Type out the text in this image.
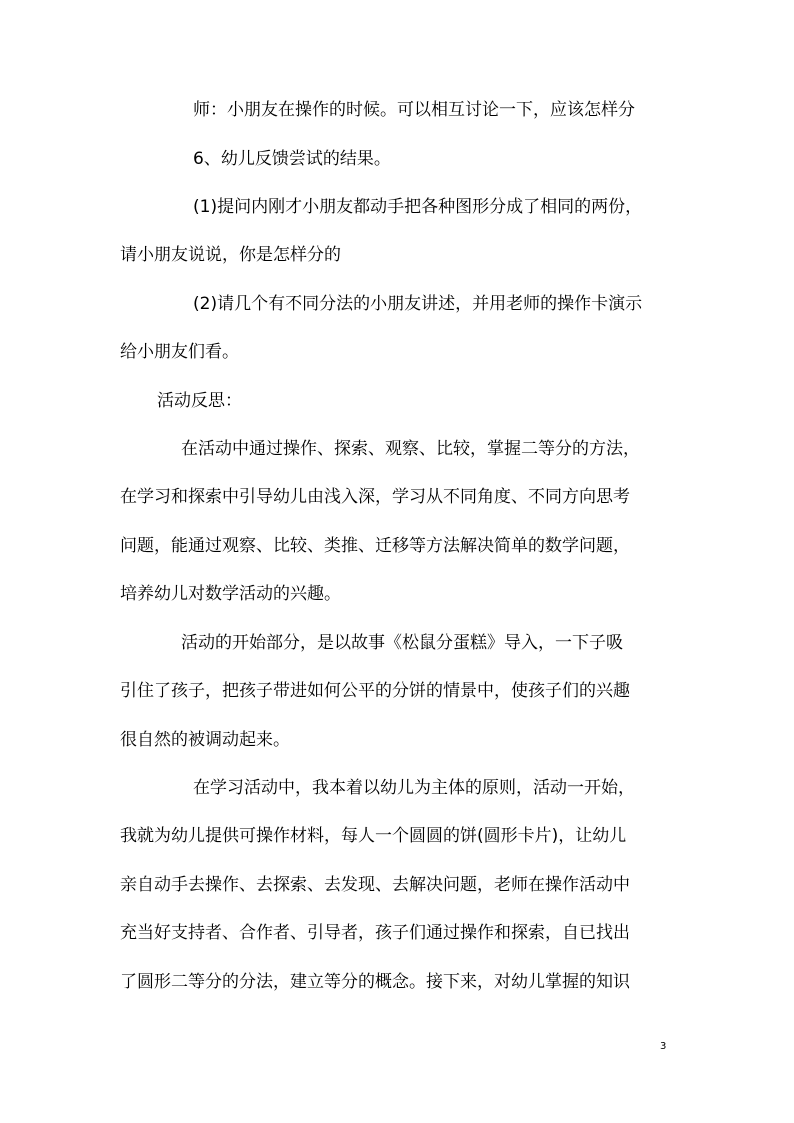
师：小朋友在操作的时候。可以相互讨论一下，应该怎样分

6、幼儿反馈尝试的结果。

(1)提问内刚才小朋友都动手把各种图形分成了相同的两份，

请小朋友说说，你是怎样分的

(2)请几个有不同分法的小朋友讲述，并用老师的操作卡演示

给小朋友们看。

活动反思：

在活动中通过操作、探索、观察、比较，掌握二等分的方法，

在学习和探索中引导幼儿由浅入深，学习从不同角度、不同方向思考

问题，能通过观察、比较、类推、迁移等方法解决简单的数学问题，

培养幼儿对数学活动的兴趣。

活动的开始部分，是以故事《松鼠分蛋糕》导入，一下子吸

引住了孩子，把孩子带进如何公平的分饼的情景中，使孩子们的兴趣

很自然的被调动起来。

在学习活动中，我本着以幼儿为主体的原则，活动一开始，

我就为幼儿提供可操作材料，每人一个圆圆的饼(圆形卡片)，让幼儿

亲自动手去操作、去探索、去发现、去解决问题，老师在操作活动中

充当好支持者、合作者、引导者，孩子们通过操作和探索，自已找出

了圆形二等分的分法，建立等分的概念。接下来，对幼儿掌握的知识

3
